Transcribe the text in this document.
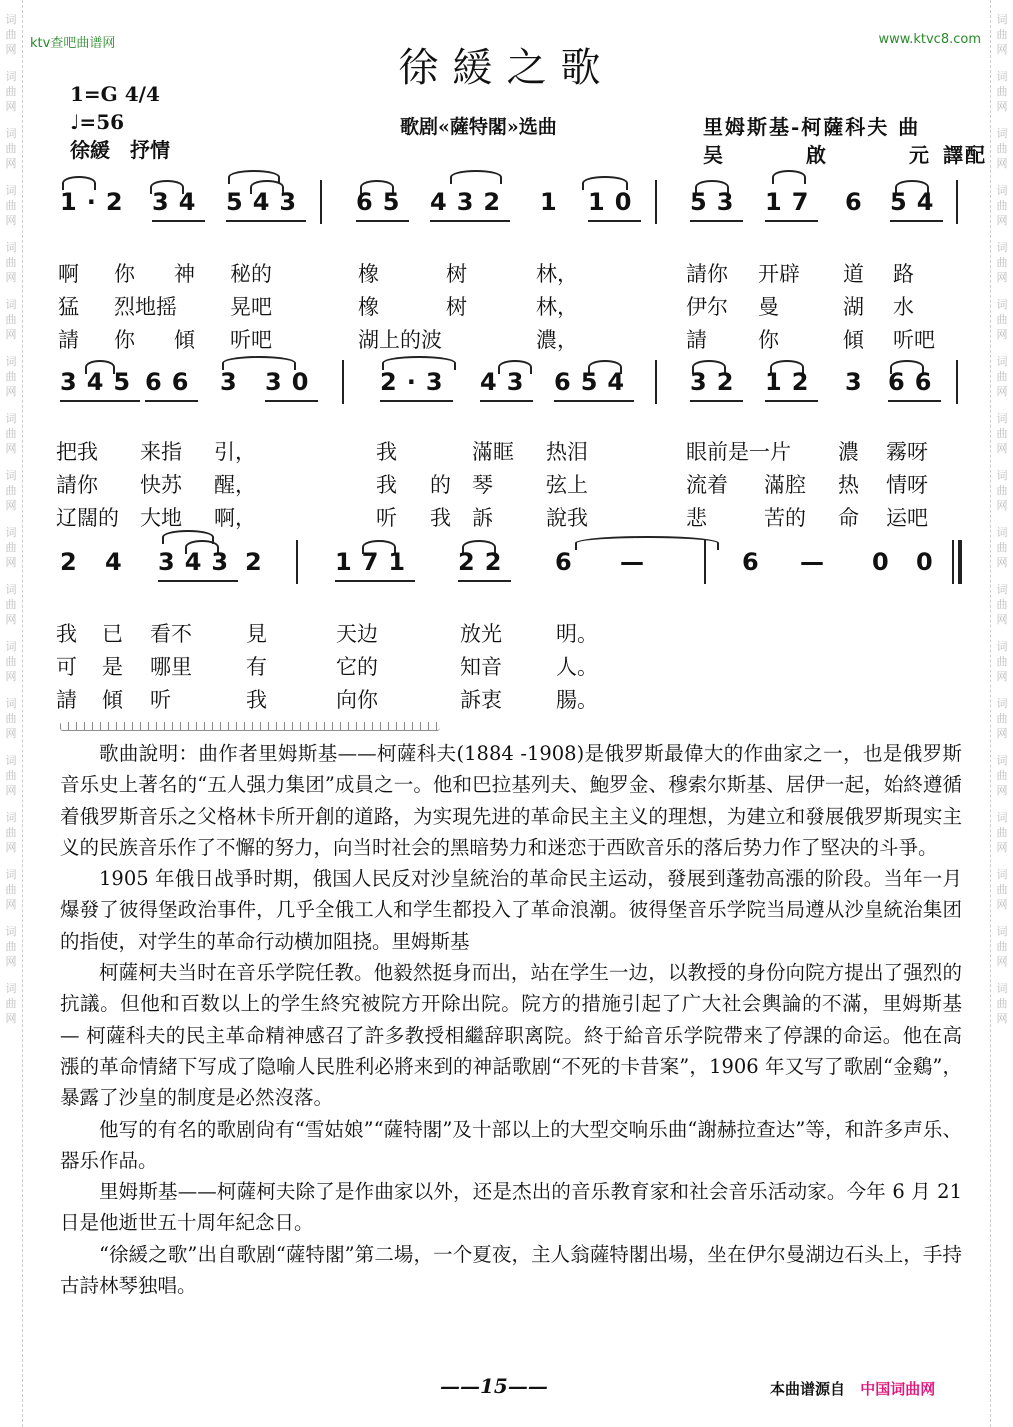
词
曲
网
词
曲
网
词
曲
网
词
曲
网
词
曲
网
词
曲
网
词
曲
网
词
曲
网
词
曲
网
词
曲
网
词
曲
网
词
曲
网
词
曲
网
词
曲
网
词
曲
网
词
曲
网
词
曲
网
词
曲
网
词
曲
网
词
曲
网
词
曲
网
词
曲
网
词
曲
网
词
曲
网
词
曲
网
词
曲
网
词
曲
网
词
曲
网
词
曲
网
词
曲
网
词
曲
网
词
曲
网
词
曲
网
词
曲
网
词
曲
网
词
曲
网
ktv查吧曲谱网	www.ktvc8.com
徐緩之歌
1=G 4/4
♩=56
徐緩　抒情
歌剧«薩特閣»选曲	里姆斯基-柯薩科夫 曲
吴	啟	元 譯配
1·2 34 543 65 432 1 10 53 17 6 54
啊 你 神 秘的	橡	树	林，	請你 开辟 道 路
猛 烈地摇	晃吧	橡	树	林，	伊尔 曼	湖 水
請 你 傾 听吧	湖上的波	濃，	請 你	傾 听吧
345 66 3 30	2·3 43 654 32 12 3 66
把我 来指 引，	我	滿眶 热泪	眼前是一片 濃 霧呀
請你 快苏 醒，	我 的 琴	弦上	流着 滿腔 热 情呀
辽闊的 大地 啊，	听 我 訴	說我	悲	苦的 命 运吧
2 4 343 2	171 22 6 —	6 — 0 0
我 已 看不	見	天边	放光	明。
可 是 哪里	有	它的	知音	人。
請 傾 听	我	向你	訴衷	腸。

歌曲說明：曲作者里姆斯基——柯薩科夫(1884 -1908)是俄罗斯最偉大的作曲家之一，也是俄罗斯音乐史上著名的“五人强力集团”成員之一。他和巴拉基列夫、鮑罗金、穆索尔斯基、居伊一起，始終遵循着俄罗斯音乐之父格林卡所开創的道路，为实現先进的革命民主主义的理想，为建立和發展俄罗斯現实主义的民族音乐作了不懈的努力，向当时社会的黑暗势力和迷恋于西欧音乐的落后势力作了堅决的斗爭。

1905 年俄日战爭时期，俄国人民反对沙皇統治的革命民主运动，發展到蓬勃高漲的阶段。当年一月爆發了彼得堡政治事件，几乎全俄工人和学生都投入了革命浪潮。彼得堡音乐学院当局遵从沙皇統治集团的指使，对学生的革命行动横加阻挠。里姆斯基

柯薩柯夫当时在音乐学院任教。他毅然挺身而出，站在学生一边，以教授的身份向院方提出了强烈的抗議。但他和百数以上的学生終究被院方开除出院。院方的措施引起了广大社会輿論的不滿，里姆斯基 — 柯薩科夫的民主革命精神感召了許多教授相繼辞职离院。終于給音乐学院帶来了停課的命运。他在高漲的革命情緒下写成了隐喻人民胜利必將来到的神話歌剧“不死的卡昔案”，1906 年又写了歌剧“金鷄”，暴露了沙皇的制度是必然沒落。

他写的有名的歌剧尙有“雪姑娘”“薩特閣”及十部以上的大型交响乐曲“謝赫拉查达”等，和許多声乐、器乐作品。

里姆斯基——柯薩柯夫除了是作曲家以外，还是杰出的音乐教育家和社会音乐活动家。今年 6 月 21 日是他逝世五十周年紀念日。

“徐緩之歌”出自歌剧“薩特閣”第二場，一个夏夜，主人翁薩特閣出場，坐在伊尔曼湖边石头上，手持古詩林琴独唱。

——15——	本曲谱源自 中国词曲网
